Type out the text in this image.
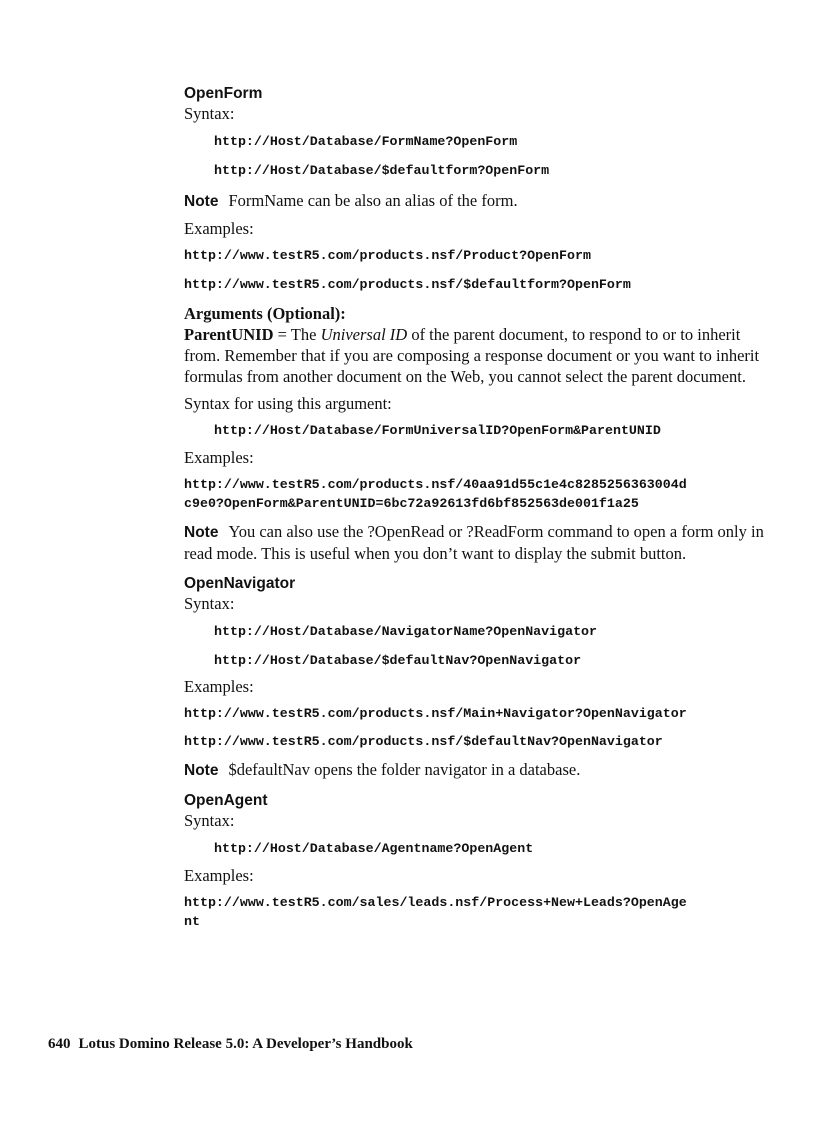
OpenForm
Syntax:
http://Host/Database/FormName?OpenForm
http://Host/Database/$defaultform?OpenForm
Note FormName can be also an alias of the form.
Examples:
http://www.testR5.com/products.nsf/Product?OpenForm
http://www.testR5.com/products.nsf/$defaultform?OpenForm
Arguments (Optional):
ParentUNID = The Universal ID of the parent document, to respond to or to inherit from. Remember that if you are composing a response document or you want to inherit formulas from another document on the Web, you cannot select the parent document.
Syntax for using this argument:
http://Host/Database/FormUniversalID?OpenForm&ParentUNID
Examples:
http://www.testR5.com/products.nsf/40aa91d55c1e4c8285256363004d
c9e0?OpenForm&ParentUNID=6bc72a92613fd6bf852563de001f1a25
Note You can also use the ?OpenRead or ?ReadForm command to open a form only in read mode. This is useful when you don’t want to display the submit button.
OpenNavigator
Syntax:
http://Host/Database/NavigatorName?OpenNavigator
http://Host/Database/$defaultNav?OpenNavigator
Examples:
http://www.testR5.com/products.nsf/Main+Navigator?OpenNavigator
http://www.testR5.com/products.nsf/$defaultNav?OpenNavigator
Note $defaultNav opens the folder navigator in a database.
OpenAgent
Syntax:
http://Host/Database/Agentname?OpenAgent
Examples:
http://www.testR5.com/sales/leads.nsf/Process+New+Leads?OpenAge
nt
640 Lotus Domino Release 5.0: A Developer’s Handbook
